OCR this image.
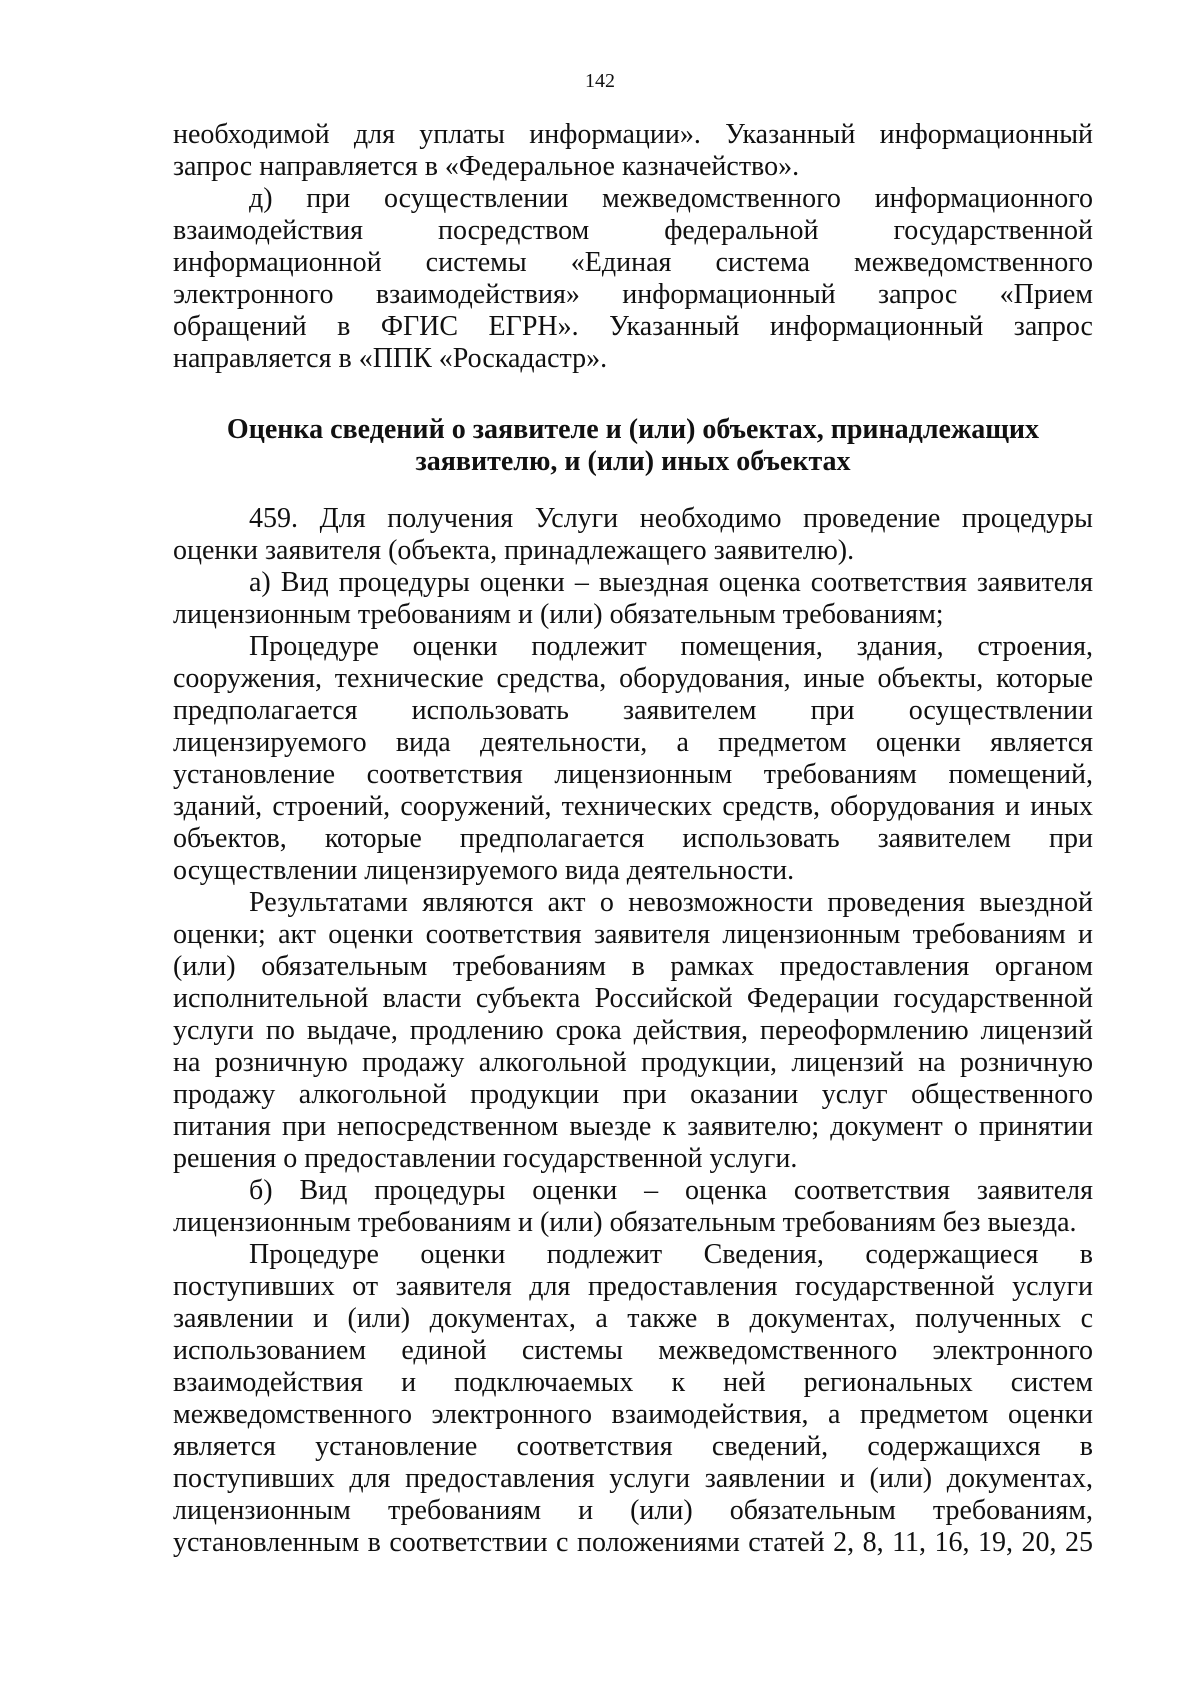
142

необходимой для уплаты информации». Указанный информационный

запрос направляется в «Федеральное казначейство».

д) при осуществлении межведомственного информационного

взаимодействия посредством федеральной государственной

информационной системы «Единая система межведомственного

электронного взаимодействия» информационный запрос «Прием

обращений в ФГИС ЕГРН». Указанный информационный запрос

направляется в «ППК «Роскадастр».

Оценка сведений о заявителе и (или) объектах, принадлежащих
заявителю, и (или) иных объектах

459. Для получения Услуги необходимо проведение процедуры

оценки заявителя (объекта, принадлежащего заявителю).

а) Вид процедуры оценки – выездная оценка соответствия заявителя

лицензионным требованиям и (или) обязательным требованиям;

Процедуре оценки подлежит помещения, здания, строения,

сооружения, технические средства, оборудования, иные объекты, которые

предполагается использовать заявителем при осуществлении

лицензируемого вида деятельности, а предметом оценки является

установление соответствия лицензионным требованиям помещений,

зданий, строений, сооружений, технических средств, оборудования и иных

объектов, которые предполагается использовать заявителем при

осуществлении лицензируемого вида деятельности.

Результатами являются акт о невозможности проведения выездной

оценки; акт оценки соответствия заявителя лицензионным требованиям и

(или) обязательным требованиям в рамках предоставления органом

исполнительной власти субъекта Российской Федерации государственной

услуги по выдаче, продлению срока действия, переоформлению лицензий

на розничную продажу алкогольной продукции, лицензий на розничную

продажу алкогольной продукции при оказании услуг общественного

питания при непосредственном выезде к заявителю; документ о принятии

решения о предоставлении государственной услуги.

б) Вид процедуры оценки – оценка соответствия заявителя

лицензионным требованиям и (или) обязательным требованиям без выезда.

Процедуре оценки подлежит Сведения, содержащиеся в

поступивших от заявителя для предоставления государственной услуги

заявлении и (или) документах, а также в документах, полученных с

использованием единой системы межведомственного электронного

взаимодействия и подключаемых к ней региональных систем

межведомственного электронного взаимодействия, а предметом оценки

является установление соответствия сведений, содержащихся в

поступивших для предоставления услуги заявлении и (или) документах,

лицензионным требованиям и (или) обязательным требованиям,

установленным в соответствии с положениями статей 2, 8, 11, 16, 19, 20, 25
